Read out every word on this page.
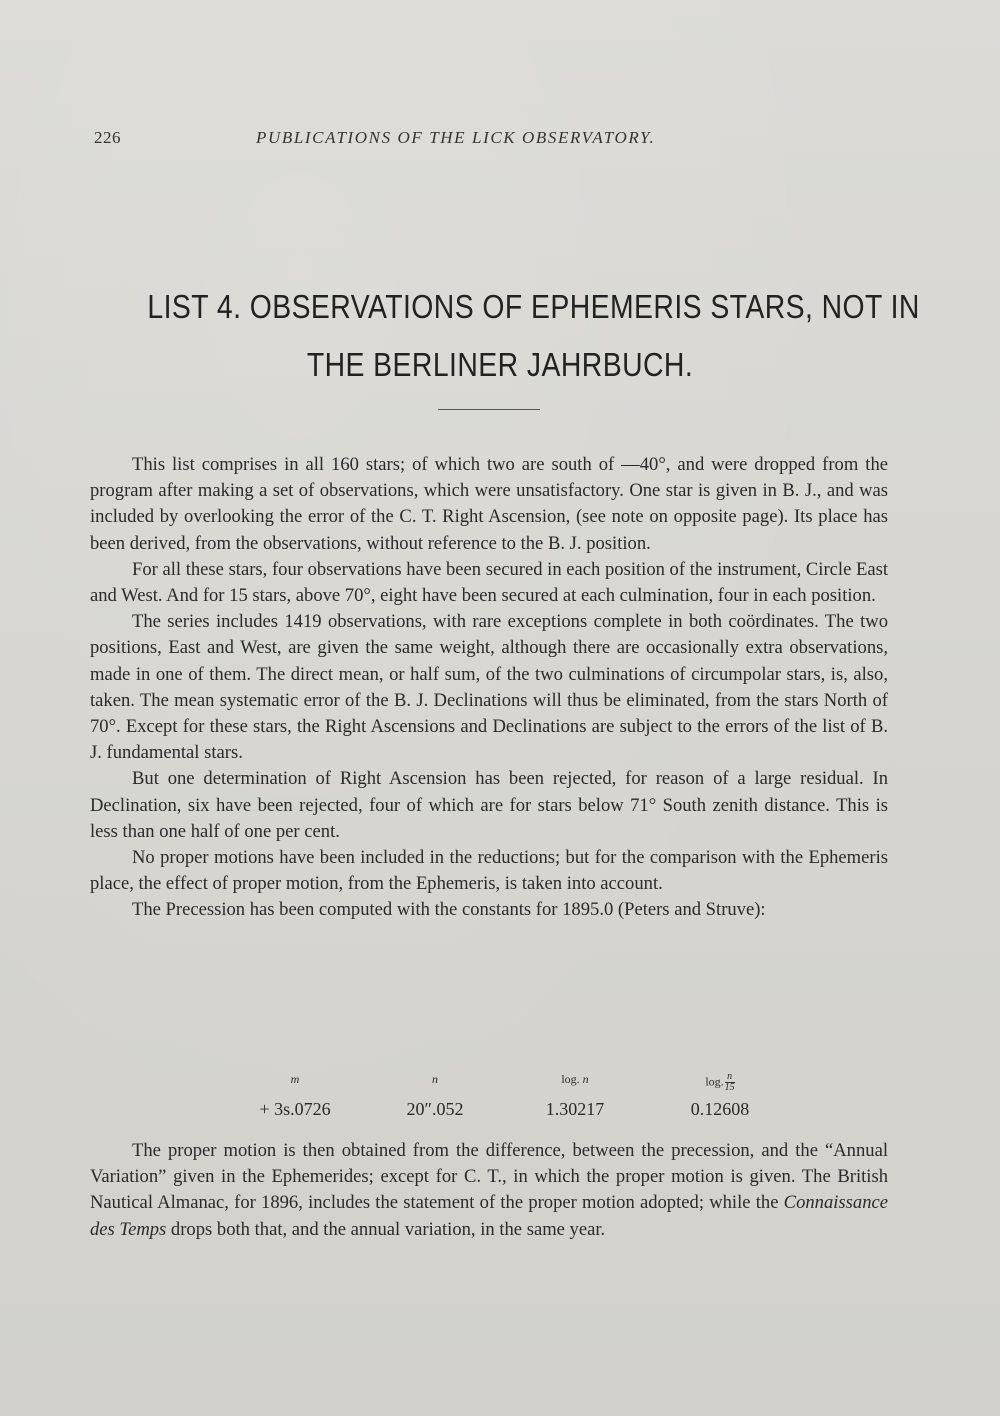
226	PUBLICATIONS OF THE LICK OBSERVATORY.
LIST 4. OBSERVATIONS OF EPHEMERIS STARS, NOT IN
THE BERLINER JAHRBUCH.

This list comprises in all 160 stars; of which two are south of —40°, and were dropped from the program after making a set of observations, which were unsatisfactory. One star is given in B. J., and was included by overlooking the error of the C. T. Right Ascension, (see note on opposite page). Its place has been derived, from the observations, without reference to the B. J. position.

For all these stars, four observations have been secured in each position of the instrument, Circle East and West. And for 15 stars, above 70°, eight have been secured at each culmination, four in each position.

The series includes 1419 observations, with rare exceptions complete in both coördinates. The two positions, East and West, are given the same weight, although there are occasionally extra observations, made in one of them. The direct mean, or half sum, of the two culminations of circumpolar stars, is, also, taken. The mean systematic error of the B. J. Declinations will thus be eliminated, from the stars North of 70°. Except for these stars, the Right Ascensions and Declinations are subject to the errors of the list of B. J. fundamental stars.

But one determination of Right Ascension has been rejected, for reason of a large residual. In Declination, six have been rejected, four of which are for stars below 71° South zenith distance. This is less than one half of one per cent.

No proper motions have been included in the reductions; but for the comparison with the Ephemeris place, the effect of proper motion, from the Ephemeris, is taken into account.

The Precession has been computed with the constants for 1895.0 (Peters and Struve):

m
+ 3s.0726
n
20″.052
log. n
1.30217
log. $\frac{n}{15}$
0.12608

The proper motion is then obtained from the difference, between the precession, and the “Annual Variation” given in the Ephemerides; except for C. T., in which the proper motion is given. The British Nautical Almanac, for 1896, includes the statement of the proper motion adopted; while the Connaissance des Temps drops both that, and the annual variation, in the same year.
